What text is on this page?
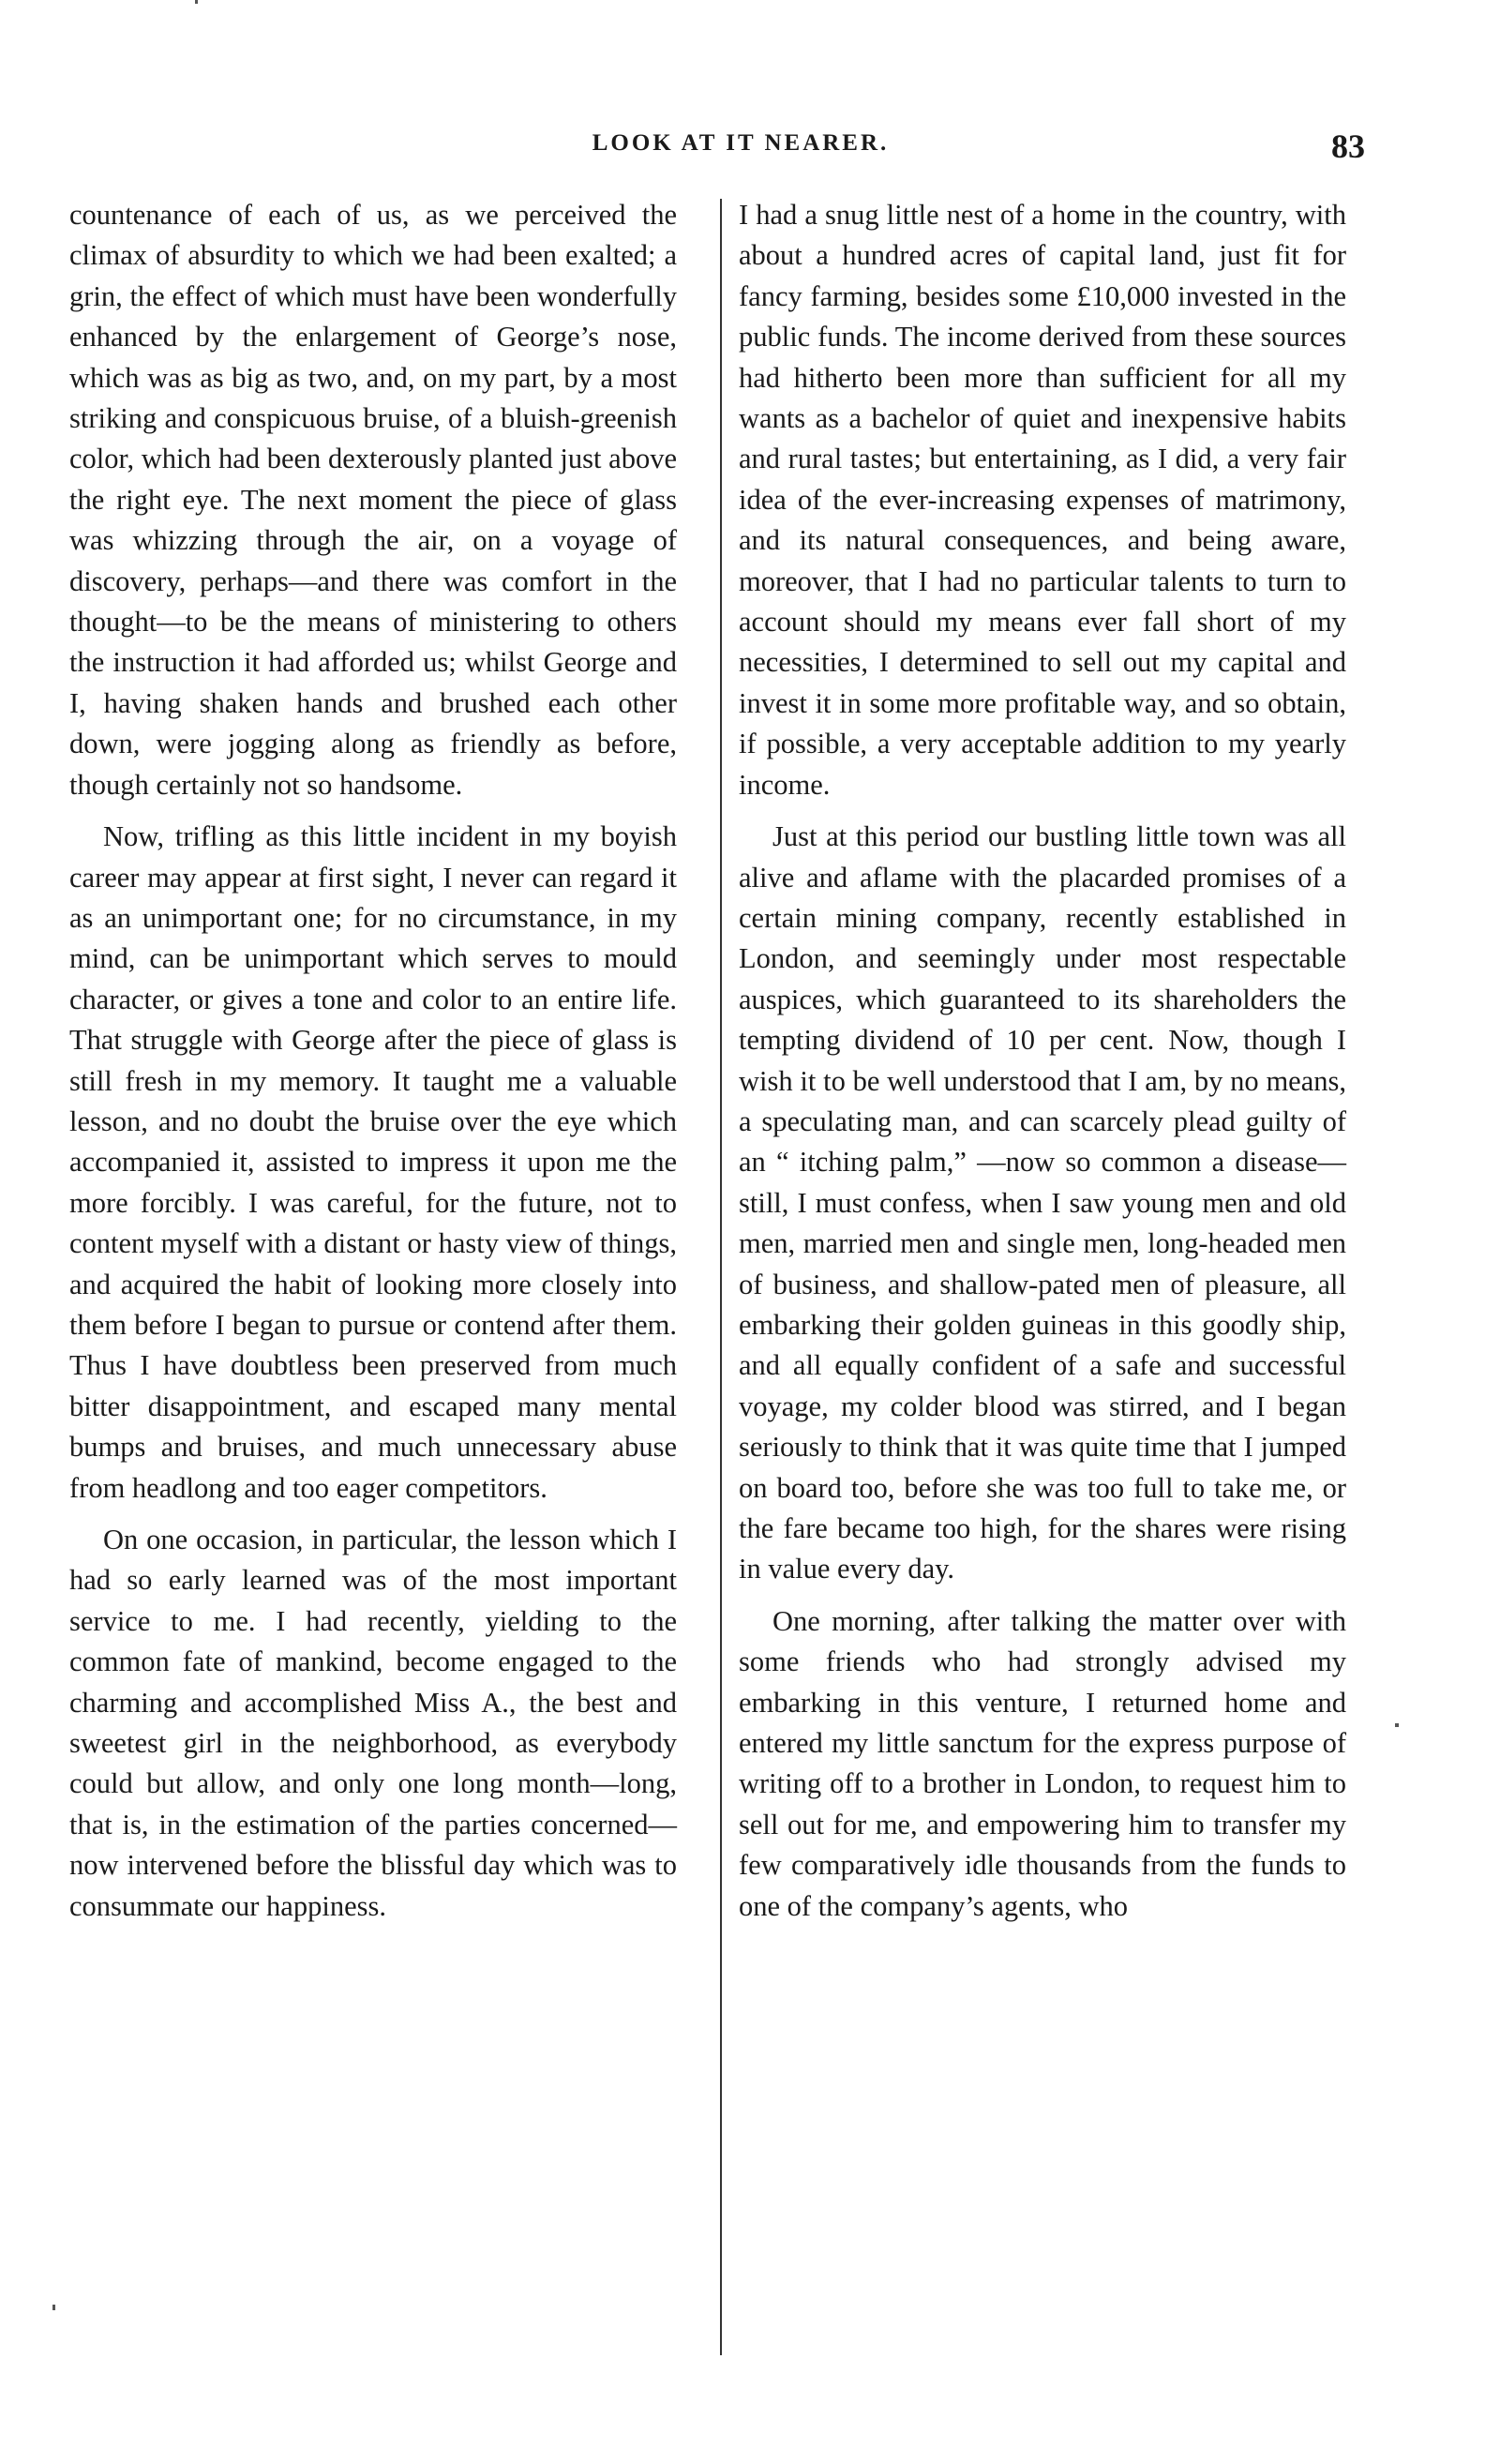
LOOK AT IT NEARER.	83

countenance of each of us, as we perceived the climax of absurdity to which we had been exalted; a grin, the effect of which must have been wonderfully enhanced by the enlargement of George’s nose, which was as big as two, and, on my part, by a most striking and conspicuous bruise, of a bluish-greenish color, which had been dexterously planted just above the right eye. The next moment the piece of glass was whizzing through the air, on a voyage of discovery, perhaps—and there was comfort in the thought—to be the means of ministering to others the instruction it had afforded us; whilst George and I, having shaken hands and brushed each other down, were jogging along as friendly as before, though certainly not so handsome.

Now, trifling as this little incident in my boyish career may appear at first sight, I never can regard it as an unimportant one; for no circumstance, in my mind, can be unimportant which serves to mould character, or gives a tone and color to an entire life. That struggle with George after the piece of glass is still fresh in my memory. It taught me a valuable lesson, and no doubt the bruise over the eye which accompanied it, assisted to impress it upon me the more forcibly. I was careful, for the future, not to content myself with a distant or hasty view of things, and acquired the habit of looking more closely into them before I began to pursue or contend after them. Thus I have doubtless been preserved from much bitter disappointment, and escaped many mental bumps and bruises, and much unnecessary abuse from headlong and too eager competitors.

On one occasion, in particular, the lesson which I had so early learned was of the most important service to me. I had recently, yielding to the common fate of mankind, become engaged to the charming and accomplished Miss A., the best and sweetest girl in the neighborhood, as everybody could but allow, and only one long month—long, that is, in the estimation of the parties concerned—now intervened before the blissful day which was to consummate our happiness.

I had a snug little nest of a home in the country, with about a hundred acres of capital land, just fit for fancy farming, besides some £10,000 invested in the public funds. The income derived from these sources had hitherto been more than sufficient for all my wants as a bachelor of quiet and inexpensive habits and rural tastes; but entertaining, as I did, a very fair idea of the ever-increasing expenses of matrimony, and its natural consequences, and being aware, moreover, that I had no particular talents to turn to account should my means ever fall short of my necessities, I determined to sell out my capital and invest it in some more profitable way, and so obtain, if possible, a very acceptable addition to my yearly income.

Just at this period our bustling little town was all alive and aflame with the placarded promises of a certain mining company, recently established in London, and seemingly under most respectable auspices, which guaranteed to its shareholders the tempting dividend of 10 per cent. Now, though I wish it to be well understood that I am, by no means, a speculating man, and can scarcely plead guilty of an “ itching palm,” —now so common a disease—still, I must confess, when I saw young men and old men, married men and single men, long-headed men of business, and shallow-pated men of pleasure, all embarking their golden guineas in this goodly ship, and all equally confident of a safe and successful voyage, my colder blood was stirred, and I began seriously to think that it was quite time that I jumped on board too, before she was too full to take me, or the fare became too high, for the shares were rising in value every day.

One morning, after talking the matter over with some friends who had strongly advised my embarking in this venture, I returned home and entered my little sanctum for the express purpose of writing off to a brother in London, to request him to sell out for me, and empowering him to transfer my few comparatively idle thousands from the funds to one of the company’s agents, who
